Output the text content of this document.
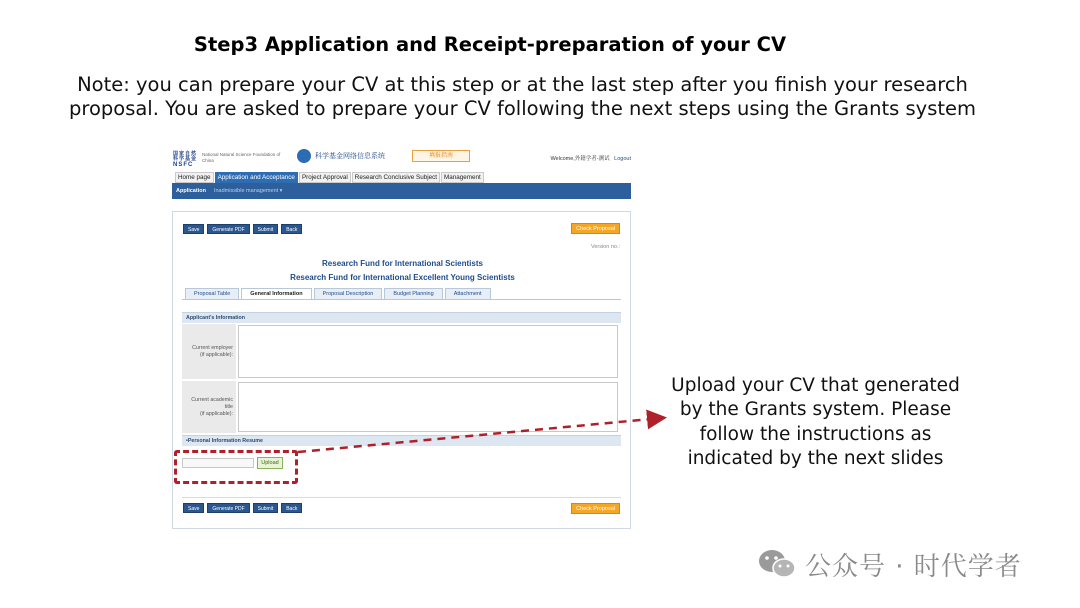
Step3 Application and Receipt-preparation of your CV
Note: you can prepare your CV at this step or at the last step after you finish your research proposal. You are asked to prepare your CV following the next steps using the Grants system
国家自然科学基金
NSFC
National Natural Science Foundation of China
科学基金网络信息系统	填报指南	Welcome,外籍学者-测试 Logout
Home page	Application and Acceptance	Project Approval	Research Conclusive Subject	Management
Application	Inadmissible management ▾
Save	Generate PDF	Submit	Back	Check Proposal
Version no.:
Research Fund for International Scientists
Research Fund for International Excellent Young Scientists
Proposal Table	General Information	Proposal Description	Budget Planning	Attachment
Applicant's Information
Current employer
(if applicable):
Current academic
title
(if applicable):
•Personal Information Resume
Upload
Save	Generate PDF	Submit	Back	Check Proposal
Upload your CV that generated by the Grants system. Please follow the instructions as indicated by the next slides
公众号 · 时代学者
